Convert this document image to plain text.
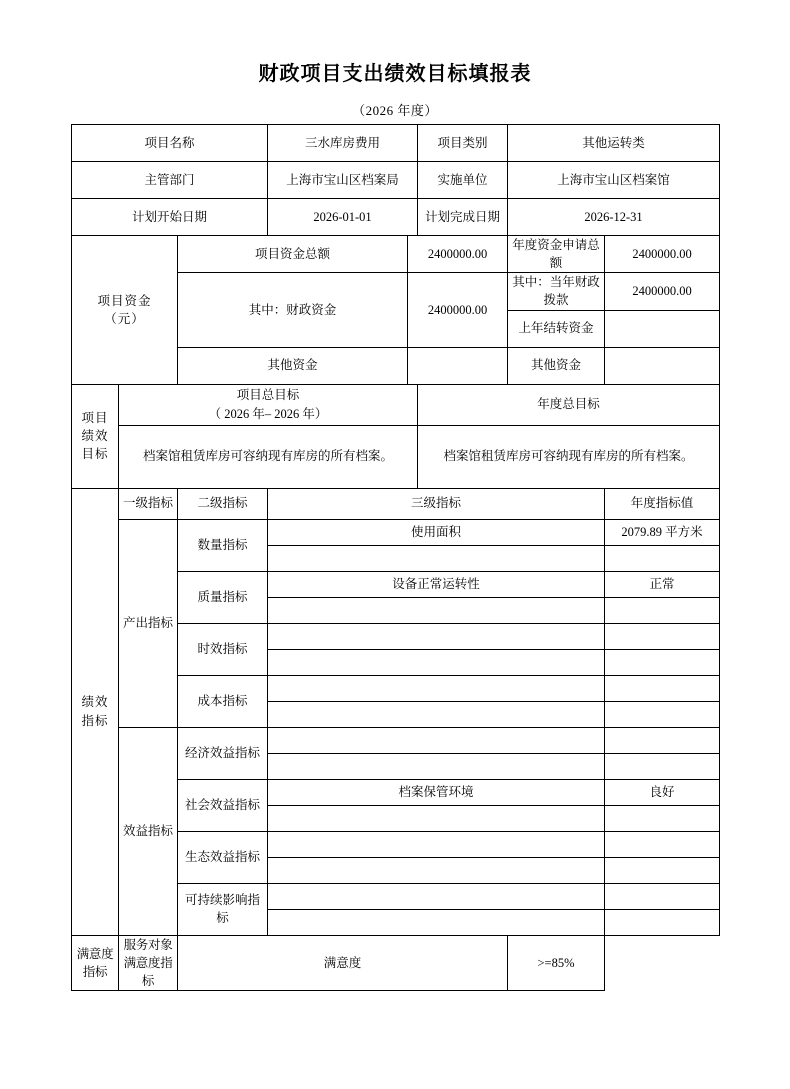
财政项目支出绩效目标填报表
（2026 年度）
项目名称			三水库房费用		项目类别	其他运转类	
主管部门			上海市宝山区档案局		实施单位	上海市宝山区档案馆	
计划开始日期			2026-01-01		计划完成日期	2026-12-31	

项目资金
（元）		项目资金总额		2400000.00		年度资金申请总额	2400000.00
		其中：财政资金		2400000.00		其中：当年财政拨款	2400000.00
						上年结转资金	
		其他资金				其他资金	

项目
绩效
目标

项目总目标
（ 2026 年– 2026 年）
	年度总目标
	档案馆租赁库房可容纳现有库房的所有档案。				档案馆租赁库房可容纳现有库房的所有档案。		

绩效
指标	一级指标	二级指标	三级指标				年度指标值
	产出指标	数量指标	使用面积				2079.89 平方米

		质量指标	设备正常运转性				正常

		时效指标					

		成本指标					

	效益指标	经济效益指标					

		社会效益指标	档案保管环境				良好

		生态效益指标					

		可持续影响指标					

满意度指标	服务对象满意度指标	满意度				>=85%	
